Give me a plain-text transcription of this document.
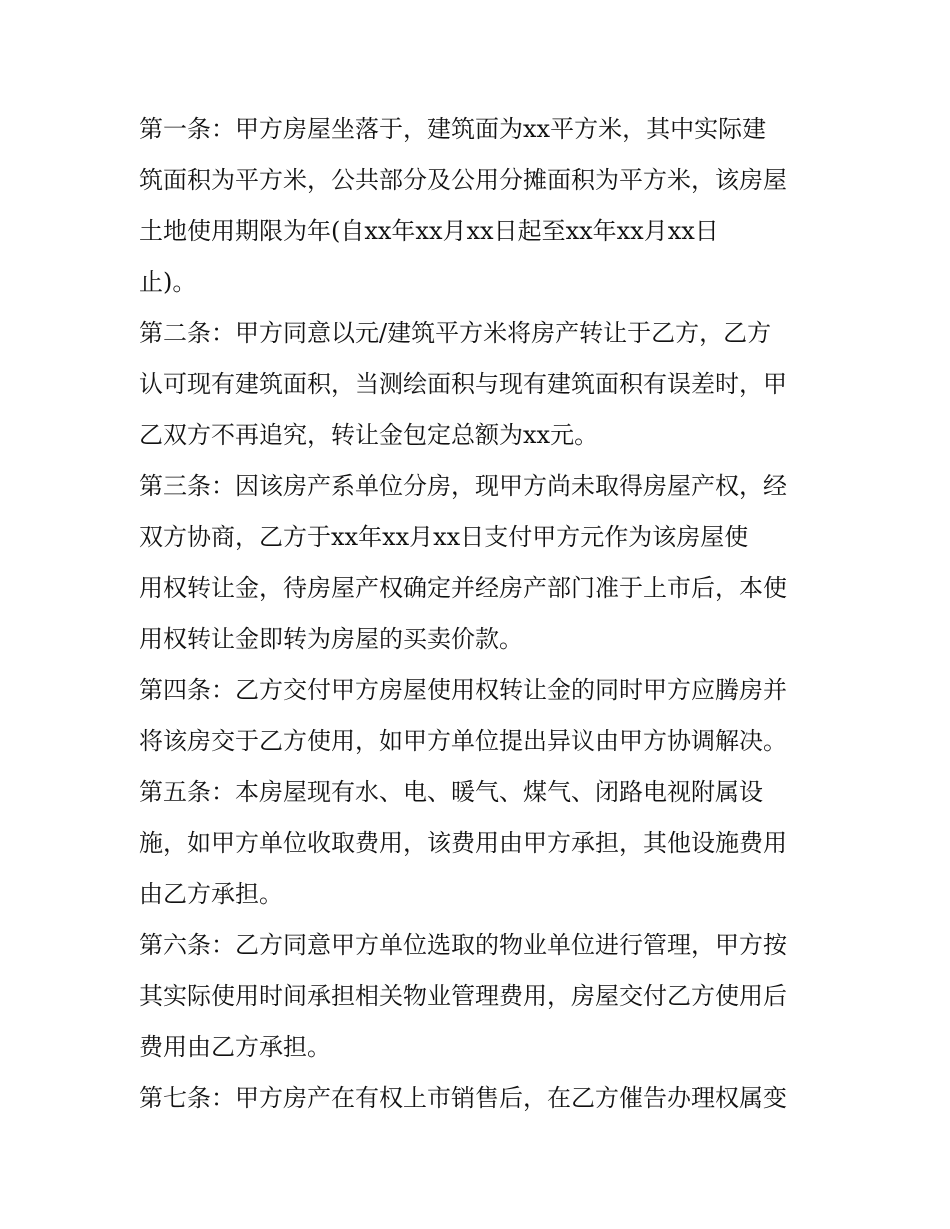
第一条：甲方房屋坐落于，建筑面为xx平方米，其中实际建
筑面积为平方米，公共部分及公用分摊面积为平方米，该房屋
土地使用期限为年(自xx年xx月xx日起至xx年xx月xx日
止)。
第二条：甲方同意以元/建筑平方米将房产转让于乙方，乙方
认可现有建筑面积，当测绘面积与现有建筑面积有误差时，甲
乙双方不再追究，转让金包定总额为xx元。
第三条：因该房产系单位分房，现甲方尚未取得房屋产权，经
双方协商，乙方于xx年xx月xx日支付甲方元作为该房屋使
用权转让金，待房屋产权确定并经房产部门准于上市后，本使
用权转让金即转为房屋的买卖价款。
第四条：乙方交付甲方房屋使用权转让金的同时甲方应腾房并
将该房交于乙方使用，如甲方单位提出异议由甲方协调解决。
第五条：本房屋现有水、电、暖气、煤气、闭路电视附属设
施，如甲方单位收取费用，该费用由甲方承担，其他设施费用
由乙方承担。
第六条：乙方同意甲方单位选取的物业单位进行管理，甲方按
其实际使用时间承担相关物业管理费用，房屋交付乙方使用后
费用由乙方承担。
第七条：甲方房产在有权上市销售后，在乙方催告办理权属变
